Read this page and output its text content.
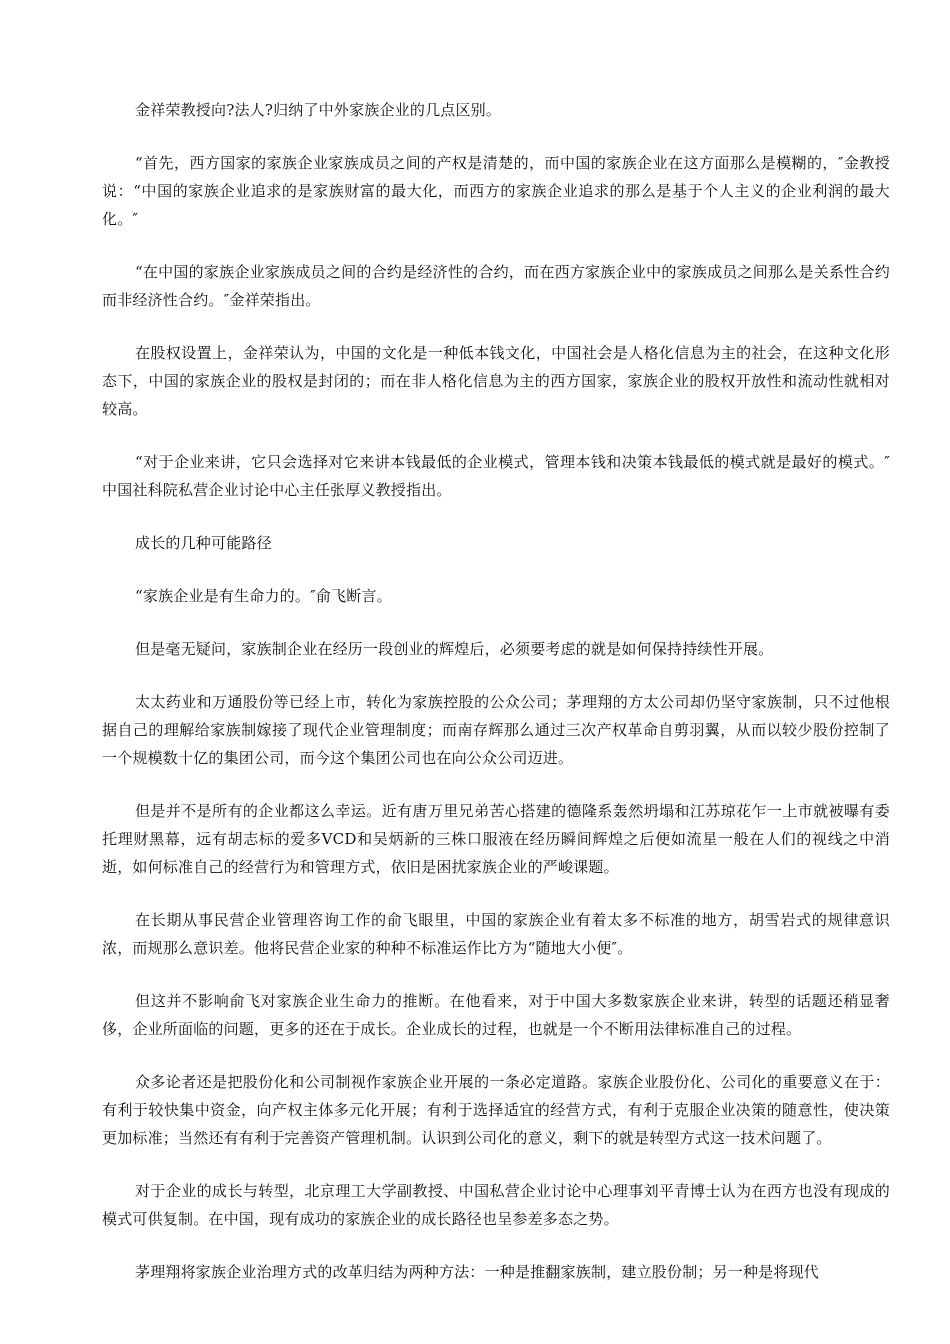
金祥荣教授向?法人?归纳了中外家族企业的几点区别。

“首先，西方国家的家族企业家族成员之间的产权是清楚的，而中国的家族企业在这方面那么是模糊的，″金教授说：“中国的家族企业追求的是家族财富的最大化，而西方的家族企业追求的那么是基于个人主义的企业利润的最大化。″

“在中国的家族企业家族成员之间的合约是经济性的合约，而在西方家族企业中的家族成员之间那么是关系性合约而非经济性合约。″金祥荣指出。

在股权设置上，金祥荣认为，中国的文化是一种低本钱文化，中国社会是人格化信息为主的社会，在这种文化形态下，中国的家族企业的股权是封闭的；而在非人格化信息为主的西方国家，家族企业的股权开放性和流动性就相对较高。

“对于企业来讲，它只会选择对它来讲本钱最低的企业模式，管理本钱和决策本钱最低的模式就是最好的模式。″中国社科院私营企业讨论中心主任张厚义教授指出。

成长的几种可能路径

“家族企业是有生命力的。″俞飞断言。

但是毫无疑问，家族制企业在经历一段创业的辉煌后，必须要考虑的就是如何保持持续性开展。

太太药业和万通股份等已经上市，转化为家族控股的公众公司；茅理翔的方太公司却仍坚守家族制，只不过他根据自己的理解给家族制嫁接了现代企业管理制度；而南存辉那么通过三次产权革命自剪羽翼，从而以较少股份控制了一个规模数十亿的集团公司，而今这个集团公司也在向公众公司迈进。

但是并不是所有的企业都这么幸运。近有唐万里兄弟苦心搭建的德隆系轰然坍塌和江苏琼花乍一上市就被曝有委托理财黑幕，远有胡志标的爱多VCD和吴炳新的三株口服液在经历瞬间辉煌之后便如流星一般在人们的视线之中消逝，如何标准自己的经营行为和管理方式，依旧是困扰家族企业的严峻课题。

在长期从事民营企业管理咨询工作的俞飞眼里，中国的家族企业有着太多不标准的地方，胡雪岩式的规律意识浓，而规那么意识差。他将民营企业家的种种不标准运作比方为“随地大小便″。

但这并不影响俞飞对家族企业生命力的推断。在他看来，对于中国大多数家族企业来讲，转型的话题还稍显奢侈，企业所面临的问题，更多的还在于成长。企业成长的过程，也就是一个不断用法律标准自己的过程。

众多论者还是把股份化和公司制视作家族企业开展的一条必定道路。家族企业股份化、公司化的重要意义在于：有利于较快集中资金，向产权主体多元化开展；有利于选择适宜的经营方式，有利于克服企业决策的随意性，使决策更加标准；当然还有有利于完善资产管理机制。认识到公司化的意义，剩下的就是转型方式这一技术问题了。

对于企业的成长与转型，北京理工大学副教授、中国私营企业讨论中心理事刘平青博士认为在西方也没有现成的模式可供复制。在中国，现有成功的家族企业的成长路径也呈参差多态之势。

茅理翔将家族企业治理方式的改革归结为两种方法：一种是推翻家族制，建立股份制；另一种是将现代
